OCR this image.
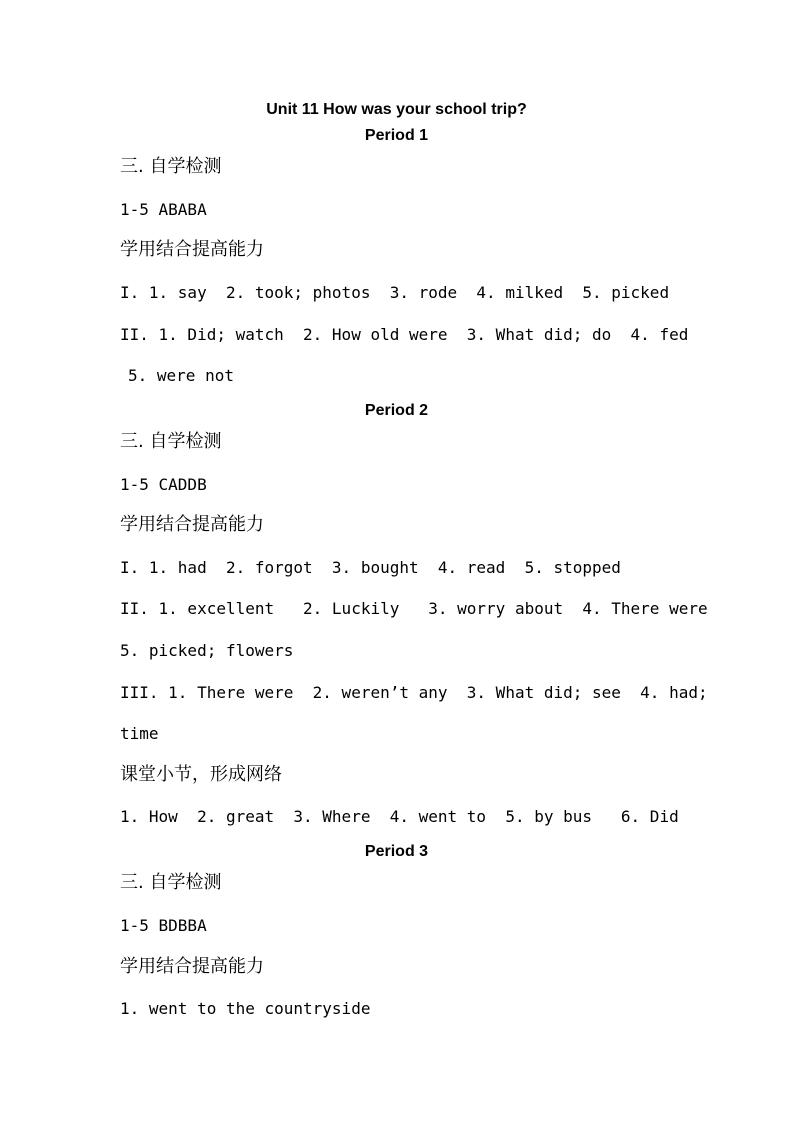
Unit 11 How was your school trip?
Period 1
三. 自学检测
1-5 ABABA
学用结合提高能力
I. 1. say  2. took; photos  3. rode  4. milked  5. picked
II. 1. Did; watch  2. How old were  3. What did; do  4. fed
5. were not
Period 2
三. 自学检测
1-5 CADDB
学用结合提高能力
I. 1. had  2. forgot  3. bought  4. read  5. stopped
II. 1. excellent   2. Luckily   3. worry about  4. There were
5. picked; flowers
III. 1. There were  2. weren’t any  3. What did; see  4. had;
time
课堂小节，形成网络
1. How  2. great  3. Where  4. went to  5. by bus   6. Did
Period 3
三. 自学检测
1-5 BDBBA
学用结合提高能力
1. went to the countryside
